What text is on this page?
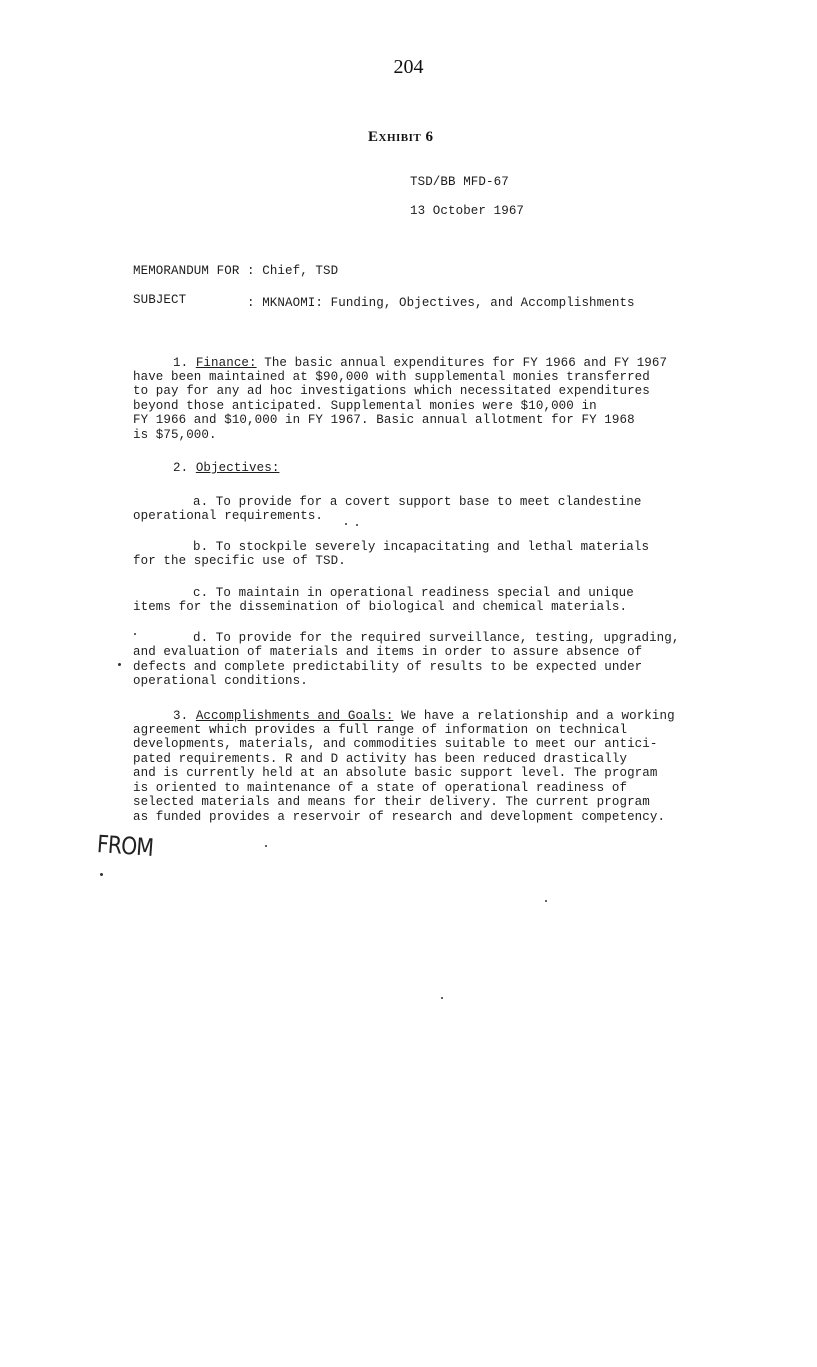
204
Exhibit 6
TSD/BB MFD-67
13 October 1967
MEMORANDUM FOR : Chief, TSD
SUBJECT	: MKNAOMI: Funding, Objectives, and Accomplishments
1. Finance: The basic annual expenditures for FY 1966 and FY 1967
have been maintained at $90,000 with supplemental monies transferred
to pay for any ad hoc investigations which necessitated expenditures
beyond those anticipated. Supplemental monies were $10,000 in
FY 1966 and $10,000 in FY 1967. Basic annual allotment for FY 1968
is $75,000.
2. Objectives:
a. To provide for a covert support base to meet clandestine
operational requirements.
b. To stockpile severely incapacitating and lethal materials
for the specific use of TSD.
c. To maintain in operational readiness special and unique
items for the dissemination of biological and chemical materials.
d. To provide for the required surveillance, testing, upgrading,
and evaluation of materials and items in order to assure absence of
defects and complete predictability of results to be expected under
operational conditions.
3. Accomplishments and Goals: We have a relationship and a working
agreement which provides a full range of information on technical
developments, materials, and commodities suitable to meet our antici-
pated requirements. R and D activity has been reduced drastically
and is currently held at an absolute basic support level. The program
is oriented to maintenance of a state of operational readiness of
selected materials and means for their delivery. The current program
as funded provides a reservoir of research and development competency.
FROM
